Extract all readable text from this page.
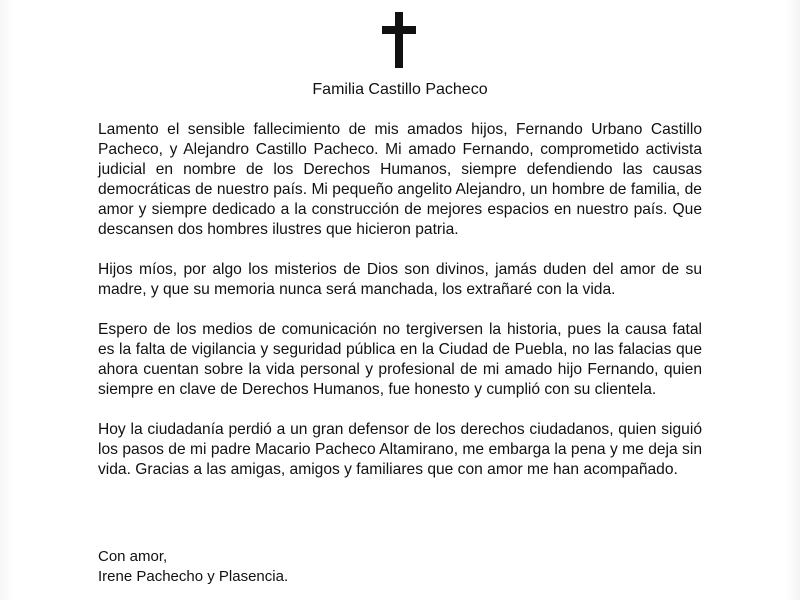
Familia Castillo Pacheco

Lamento el sensible fallecimiento de mis amados hijos, Fernando Urbano Castillo Pacheco, y Alejandro Castillo Pacheco. Mi amado Fernando, comprometido activista judicial en nombre de los Derechos Humanos, siempre defendiendo las causas democráticas de nuestro país. Mi pequeño angelito Alejandro, un hombre de familia, de amor y siempre dedicado a la construcción de mejores espacios en nuestro país. Que descansen dos hombres ilustres que hicieron patria.

Hijos míos, por algo los misterios de Dios son divinos, jamás duden del amor de su madre, y que su memoria nunca será manchada, los extrañaré con la vida.

Espero de los medios de comunicación no tergiversen la historia, pues la causa fatal es la falta de vigilancia y seguridad pública en la Ciudad de Puebla, no las falacias que ahora cuentan sobre la vida personal y profesional de mi amado hijo Fernando, quien siempre en clave de Derechos Humanos, fue honesto y cumplió con su clientela.

Hoy la ciudadanía perdió a un gran defensor de los derechos ciudadanos, quien siguió los pasos de mi padre Macario Pacheco Altamirano, me embarga la pena y me deja sin vida. Gracias a las amigas, amigos y familiares que con amor me han acompañado.

Con amor,
Irene Pachecho y Plasencia.
